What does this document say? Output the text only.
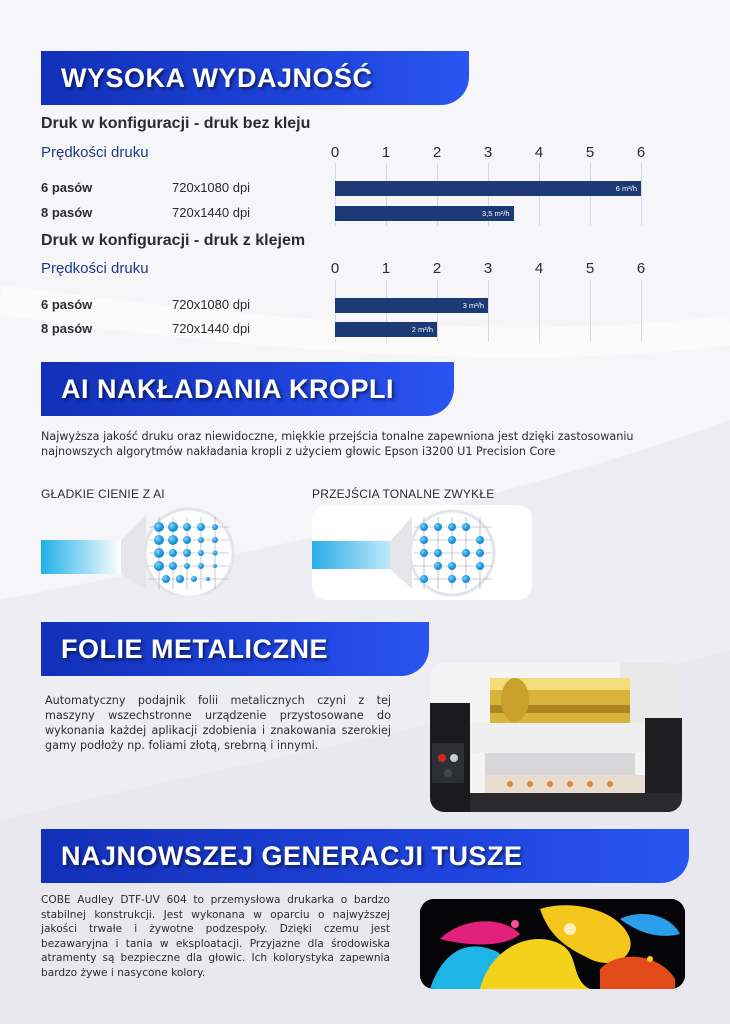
WYSOKA WYDAJNOŚĆ
Druk w konfiguracji - druk bez kleju
Prędkości druku	0	1	2	3	4	5	6
6 pasów	720x1080 dpi	6 m²/h
8 pasów	720x1440 dpi	3,5 m²/h
Druk w konfiguracji - druk z klejem
Prędkości druku	0	1	2	3	4	5	6
6 pasów	720x1080 dpi	3 m²/h
8 pasów	720x1440 dpi	2 m²/h
AI NAKŁADANIA KROPLI
Najwyższa jakość druku oraz niewidoczne, miękkie przejścia tonalne zapewniona jest dzięki zastosowaniu najnowszych algorytmów nakładania kropli z użyciem głowic Epson i3200 U1 Precision Core
GŁADKIE CIENIE Z AI	PRZEJŚCIA TONALNE ZWYKŁE
FOLIE METALICZNE
Automatyczny podajnik folii metalicznych czyni z tej maszyny wszechstronne urządzenie przystosowane do wykonania każdej aplikacji zdobienia i znakowania szerokiej gamy podłoży np. foliami złotą, srebrną i innymi.
NAJNOWSZEJ GENERACJI TUSZE
COBE Audley DTF-UV 604 to przemysłowa drukarka o bardzo stabilnej konstrukcji. Jest wykonana w oparciu o najwyższej jakości trwałe i żywotne podzespoły. Dzięki czemu jest bezawaryjna i tania w eksploatacji. Przyjazne dla środowiska atramenty są bezpieczne dla głowic. Ich kolorystyka zapewnia bardzo żywe i nasycone kolory.
